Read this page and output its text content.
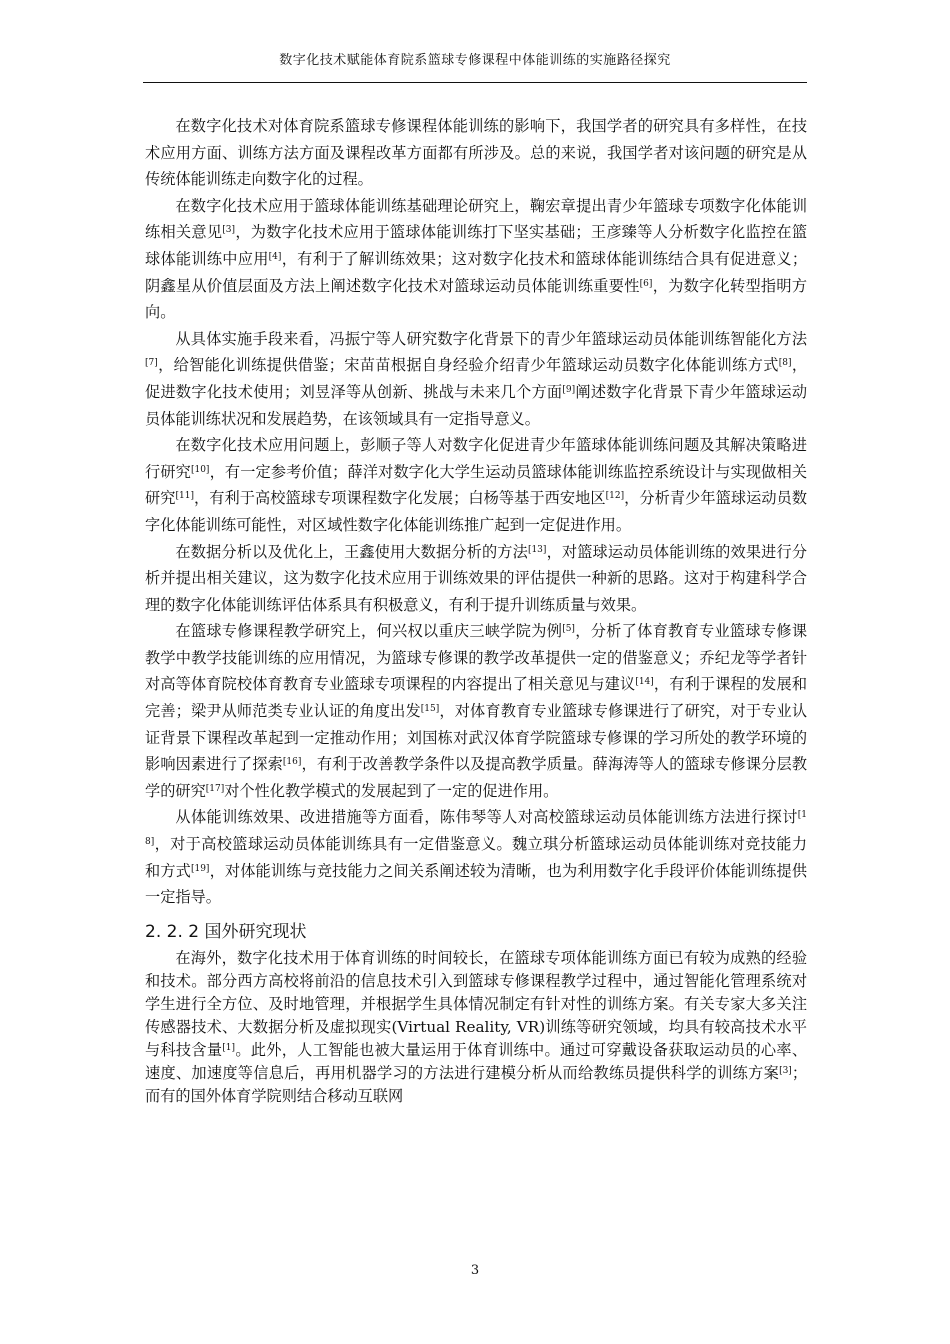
数字化技术赋能体育院系篮球专修课程中体能训练的实施路径探究

在数字化技术对体育院系篮球专修课程体能训练的影响下，我国学者的研究具有多样性，在技术应用方面、训练方法方面及课程改革方面都有所涉及。总的来说，我国学者对该问题的研究是从传统体能训练走向数字化的过程。

在数字化技术应用于篮球体能训练基础理论研究上，鞠宏章提出青少年篮球专项数字化体能训练相关意见[3]，为数字化技术应用于篮球体能训练打下坚实基础；王彦臻等人分析数字化监控在篮球体能训练中应用[4]，有利于了解训练效果；这对数字化技术和篮球体能训练结合具有促进意义；阴鑫星从价值层面及方法上阐述数字化技术对篮球运动员体能训练重要性[6]，为数字化转型指明方向。

从具体实施手段来看，冯振宁等人研究数字化背景下的青少年篮球运动员体能训练智能化方法[7]，给智能化训练提供借鉴；宋苗苗根据自身经验介绍青少年篮球运动员数字化体能训练方式[8]，促进数字化技术使用；刘昱泽等从创新、挑战与未来几个方面[9]阐述数字化背景下青少年篮球运动员体能训练状况和发展趋势，在该领域具有一定指导意义。

在数字化技术应用问题上，彭顺子等人对数字化促进青少年篮球体能训练问题及其解决策略进行研究[10]，有一定参考价值；薛洋对数字化大学生运动员篮球体能训练监控系统设计与实现做相关研究[11]，有利于高校篮球专项课程数字化发展；白杨等基于西安地区[12]，分析青少年篮球运动员数字化体能训练可能性，对区域性数字化体能训练推广起到一定促进作用。

在数据分析以及优化上，王鑫使用大数据分析的方法[13]，对篮球运动员体能训练的效果进行分析并提出相关建议，这为数字化技术应用于训练效果的评估提供一种新的思路。这对于构建科学合理的数字化体能训练评估体系具有积极意义，有利于提升训练质量与效果。

在篮球专修课程教学研究上，何兴权以重庆三峡学院为例[5]，分析了体育教育专业篮球专修课教学中教学技能训练的应用情况，为篮球专修课的教学改革提供一定的借鉴意义；乔纪龙等学者针对高等体育院校体育教育专业篮球专项课程的内容提出了相关意见与建议[14]，有利于课程的发展和完善；梁尹从师范类专业认证的角度出发[15]，对体育教育专业篮球专修课进行了研究，对于专业认证背景下课程改革起到一定推动作用；刘国栋对武汉体育学院篮球专修课的学习所处的教学环境的影响因素进行了探索[16]，有利于改善教学条件以及提高教学质量。薛海涛等人的篮球专修课分层教学的研究[17]对个性化教学模式的发展起到了一定的促进作用。

从体能训练效果、改进措施等方面看，陈伟琴等人对高校篮球运动员体能训练方法进行探讨[18]，对于高校篮球运动员体能训练具有一定借鉴意义。魏立琪分析篮球运动员体能训练对竞技能力和方式[19]，对体能训练与竞技能力之间关系阐述较为清晰，也为利用数字化手段评价体能训练提供一定指导。

2. 2. 2 国外研究现状

在海外，数字化技术用于体育训练的时间较长，在篮球专项体能训练方面已有较为成熟的经验和技术。部分西方高校将前沿的信息技术引入到篮球专修课程教学过程中，通过智能化管理系统对学生进行全方位、及时地管理，并根据学生具体情况制定有针对性的训练方案。有关专家大多关注传感器技术、大数据分析及虚拟现实(Virtual Reality, VR)训练等研究领域，均具有较高技术水平与科技含量[1]。此外，人工智能也被大量运用于体育训练中。通过可穿戴设备获取运动员的心率、速度、加速度等信息后，再用机器学习的方法进行建模分析从而给教练员提供科学的训练方案[3]；而有的国外体育学院则结合移动互联网

3
